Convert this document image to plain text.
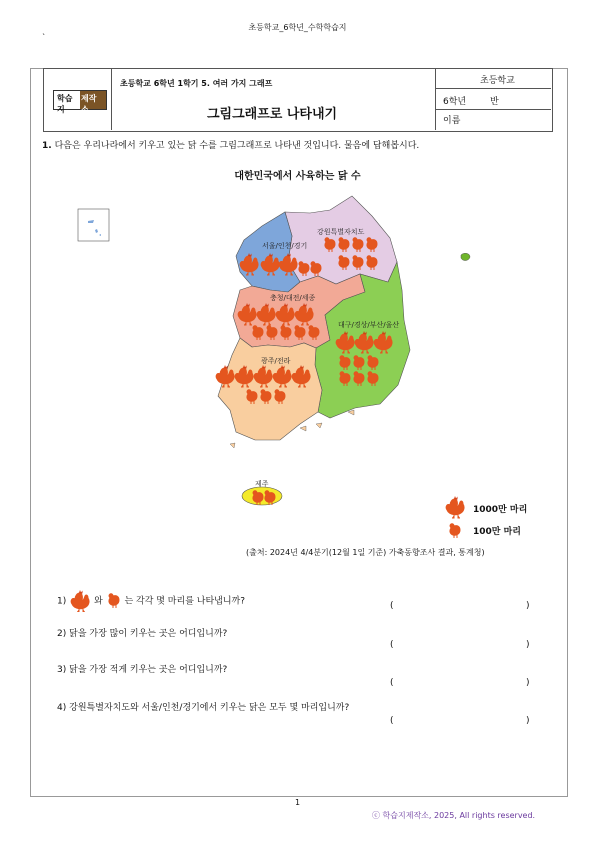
초등학교_6학년_수학학습지
`
학습지
제작소
초등학교 6학년 1학기 5. 여러 가지 그래프
그림그래프로 나타내기
초등학교
6학년	반
이름
1. 다음은 우리나라에서 키우고 있는 닭 수를 그림그래프로 나타낸 것입니다. 물음에 답해봅시다.
대한민국에서 사육하는 닭 수
강원특별자치도
서울/인천/경기
충청/대전/세종
대구/경상/부산/울산
광주/전라
제주
1000만 마리
100만 마리
(출처: 2024년 4/4분기(12월 1일 기준) 가축동향조사 결과, 통계청)
1)	와 는 각각 몇 마리를 나타냅니까?
2) 닭을 가장 많이 키우는 곳은 어디입니까?
3) 닭을 가장 적게 키우는 곳은 어디입니까?
4) 강원특별자치도와 서울/인천/경기에서 키우는 닭은 모두 몇 마리입니까?
(	)
(	)
(	)
(	)
1
ⓒ 학습지제작소, 2025, All rights reserved.
